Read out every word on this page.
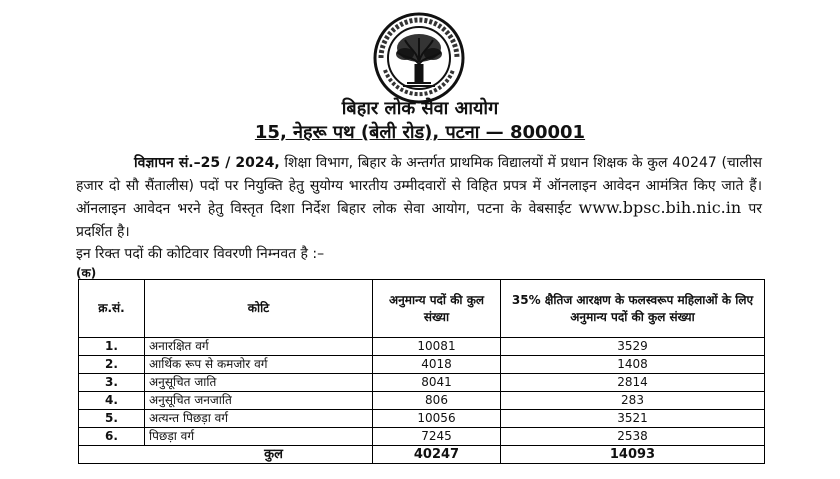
बिहार लोक सेवा आयोग
15, नेहरू पथ (बेली रोड), पटना — 800001
विज्ञापन सं.–25 / 2024, शिक्षा विभाग, बिहार के अन्तर्गत प्राथमिक विद्यालयों में प्रधान शिक्षक के कुल 40247 (चालीस हजार दो सौ सैंतालीस) पदों पर नियुक्ति हेतु सुयोग्य भारतीय उम्मीदवारों से विहित प्रपत्र में ऑनलाइन आवेदन आमंत्रित किए जाते हैं। ऑनलाइन आवेदन भरने हेतु विस्तृत दिशा निर्देश बिहार लोक सेवा आयोग, पटना के वेबसाईट www.bpsc.bih.nic.in पर प्रदर्शित है।
इन रिक्त पदों की कोटिवार विवरणी निम्नवत है :–
(क)
क्र.सं.	कोटि	अनुमान्य पदों की कुल संख्या	35% क्षैतिज आरक्षण के फलस्वरूप महिलाओं के लिए अनुमान्य पदों की कुल संख्या
1.	अनारक्षित वर्ग	10081	3529
2.	आर्थिक रूप से कमजोर वर्ग	4018	1408
3.	अनुसूचित जाति	8041	2814
4.	अनुसूचित जनजाति	806	283
5.	अत्यन्त पिछड़ा वर्ग	10056	3521
6.	पिछड़ा वर्ग	7245	2538
कुल		40247	14093
